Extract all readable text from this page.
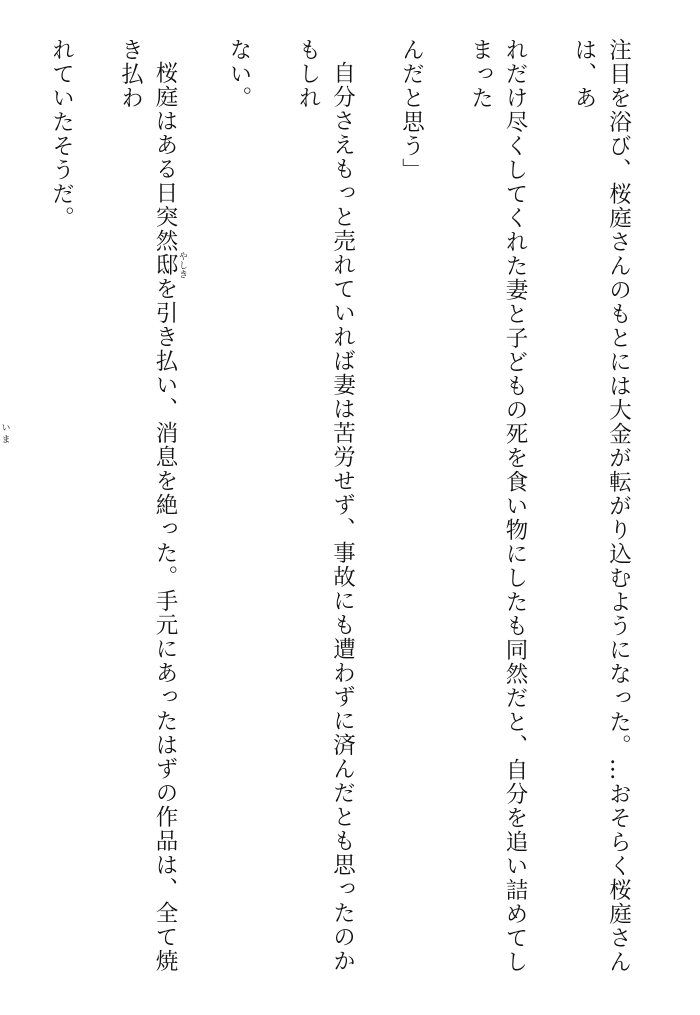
注目を浴び、桜庭さんのもとには大金が転がり込むようになった。…おそらく桜庭さんは、あ

れだけ尽くしてくれた妻と子どもの死を食い物にしたも同然だと、自分を追い詰めてしまった

んだと思う」

自分さえもっと売れていれば妻は苦労せず、事故にも遭わずに済んだとも思ったのかもしれ

ない。

桜庭はある日突然邸 やしきを引き払い、消息を絶った。手元にあったはずの作品は、全て焼き払わ

れていたそうだ。

いま
